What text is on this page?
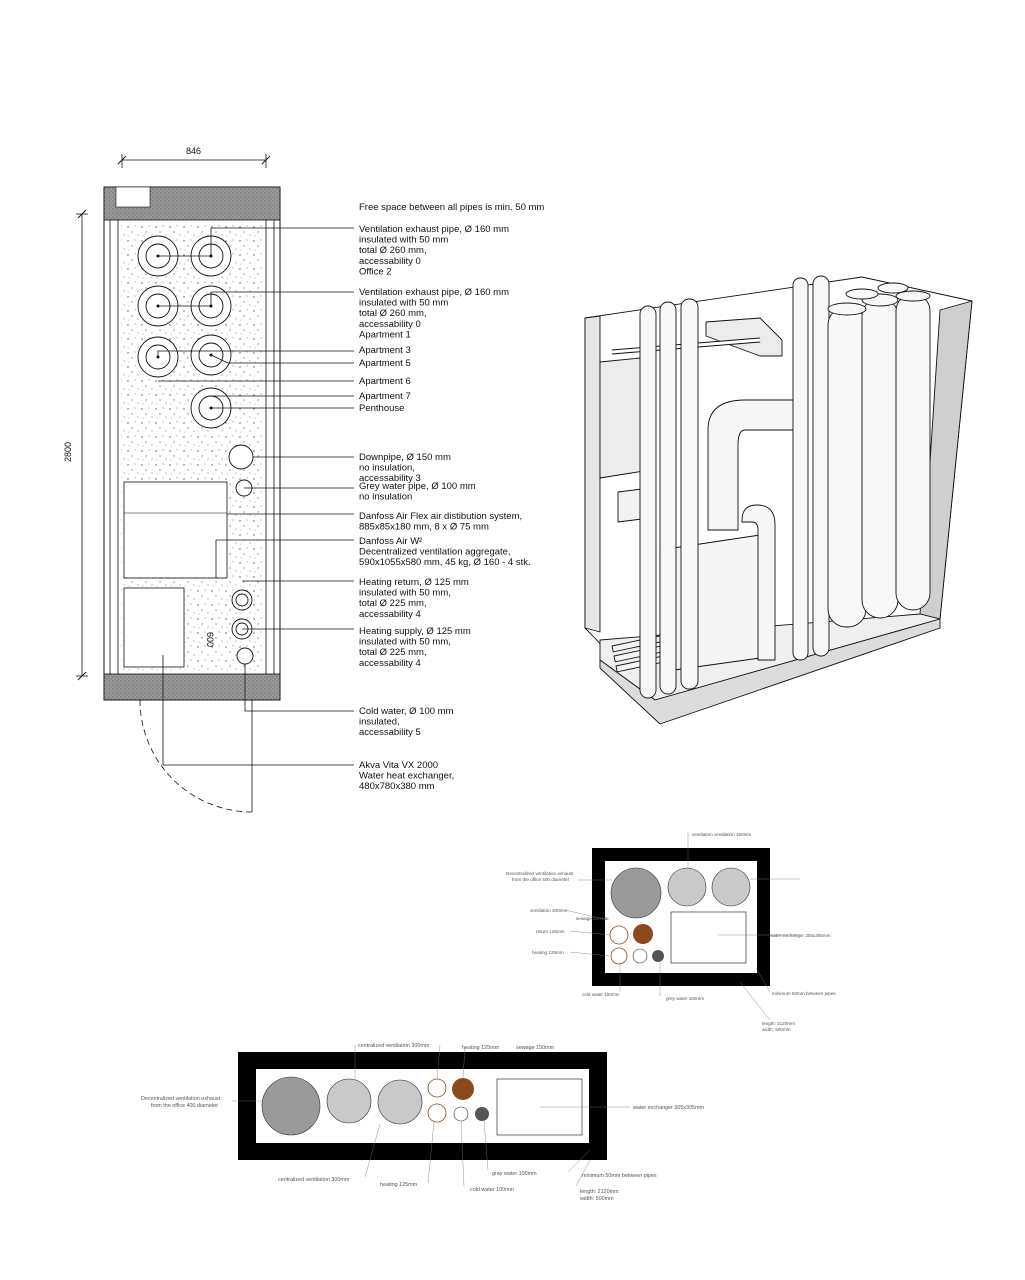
846
2800
600
Ventilation exhaust pipe, Ø 160 mm
insulated with 50 mm
total Ø 260 mm,
accessability 0
Office 2
Ventilation exhaust pipe, Ø 160 mm
insulated with 50 mm
total Ø 260 mm,
accessability 0
Apartment 1
Apartment 3
Apartment 5
Apartment 6
Apartment 7
Penthouse
Downpipe, Ø 150 mm
no insulation,
accessability 3
Grey water pipe, Ø 100 mm
no insulation
Danfoss Air Flex air distibution system,
885x85x180 mm, 8 x Ø 75 mm
Danfoss Air W²
Decentralized ventilation aggregate,
590x1055x580 mm, 45 kg, Ø 160 - 4 stk.
Heating return, Ø 125 mm
insulated with 50 mm,
total Ø 225 mm,
accessability 4
Heating supply, Ø 125 mm
insulated with 50 mm,
total Ø 225 mm,
accessability 4
Cold water, Ø 100 mm
insulated,
accessability 5
Akva Vita VX 2000
Water heat exchanger,
480x780x380 mm
Free space between all pipes is min. 50 mm
ventilation ventilation 160mm
Decentralized ventilation exhaust
from the office 400 diameter
ventilation 200mm
sewage 150mm
return 125mm
heating 125mm
water exchanger 305x305mm
cold water 100mm
grey water 100mm
minimum 50mm between pipes
length: 2120mm
width: 500mm
centralized ventilation 300mm	heating 125mm	sewage 150mm
Decentralized ventilation exhaust
from the office 400 diameter	water exchanger 305x305mm
centralized ventilation 300mm
heating 125mm
cold water 100mm
gray water 100mm	minimum 50mm between pipes
length: 2120mm
width: 500mm
